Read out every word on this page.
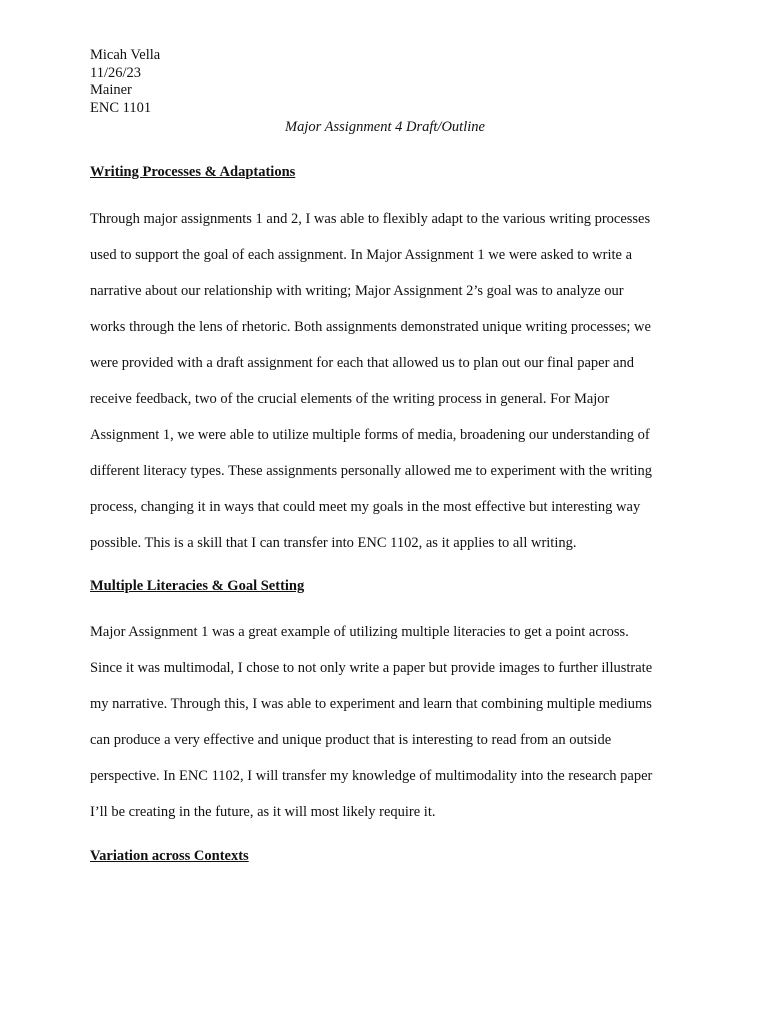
Micah Vella
11/26/23
Mainer
ENC 1101
Major Assignment 4 Draft/Outline
Writing Processes & Adaptations
Through major assignments 1 and 2, I was able to flexibly adapt to the various writing processes
used to support the goal of each assignment. In Major Assignment 1 we were asked to write a
narrative about our relationship with writing; Major Assignment 2’s goal was to analyze our
works through the lens of rhetoric. Both assignments demonstrated unique writing processes; we
were provided with a draft assignment for each that allowed us to plan out our final paper and
receive feedback, two of the crucial elements of the writing process in general. For Major
Assignment 1, we were able to utilize multiple forms of media, broadening our understanding of
different literacy types. These assignments personally allowed me to experiment with the writing
process, changing it in ways that could meet my goals in the most effective but interesting way
possible. This is a skill that I can transfer into ENC 1102, as it applies to all writing.
Multiple Literacies & Goal Setting
Major Assignment 1 was a great example of utilizing multiple literacies to get a point across.
Since it was multimodal, I chose to not only write a paper but provide images to further illustrate
my narrative. Through this, I was able to experiment and learn that combining multiple mediums
can produce a very effective and unique product that is interesting to read from an outside
perspective. In ENC 1102, I will transfer my knowledge of multimodality into the research paper
I’ll be creating in the future, as it will most likely require it.
Variation across Contexts
